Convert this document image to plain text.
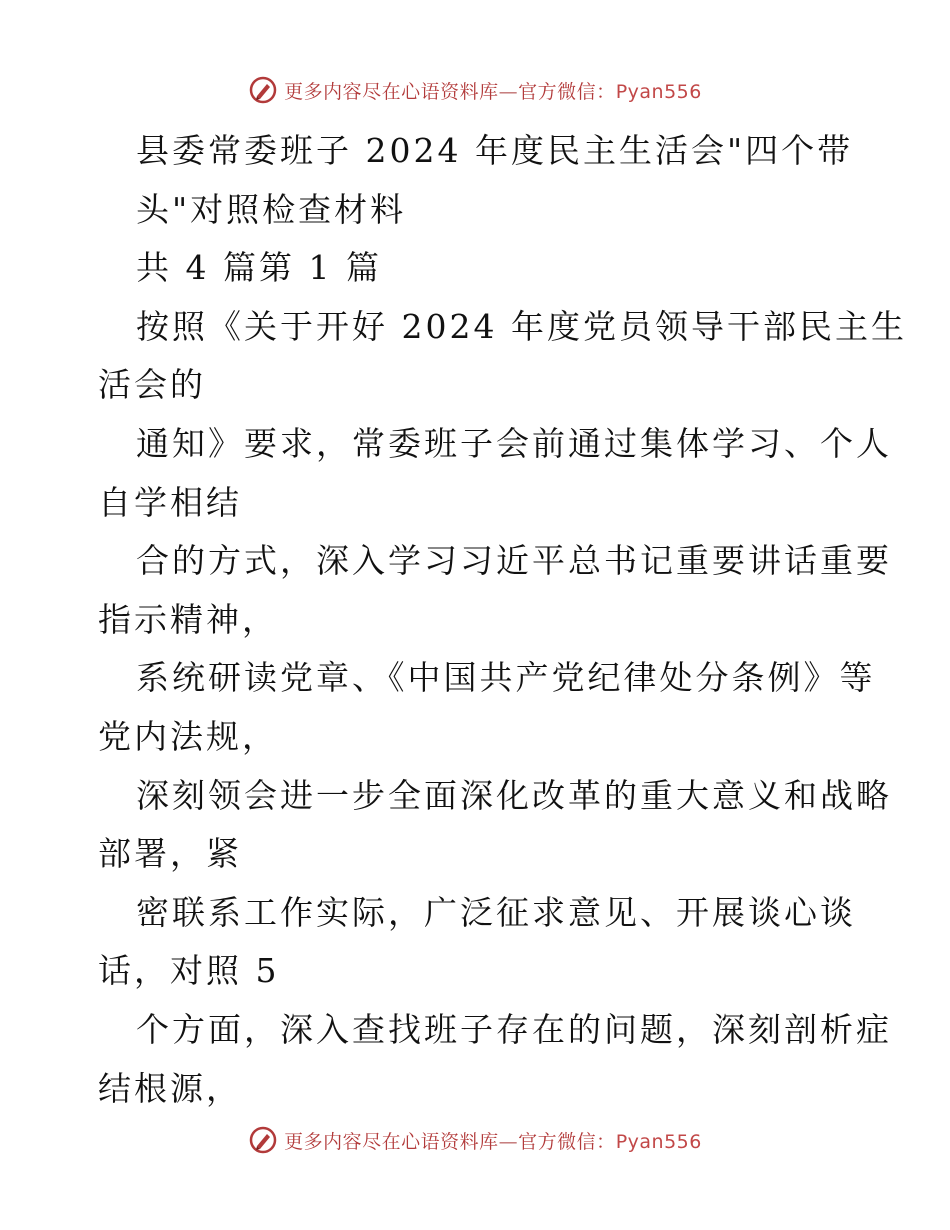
更多内容尽在心语资料库—官方微信：Pyan556
县委常委班子 2024 年度民主生活会"四个带
头"对照检查材料
共 4 篇第 1 篇
按照《关于开好 2024 年度党员领导干部民主生
活会的
通知》要求，常委班子会前通过集体学习、个人
自学相结
合的方式，深入学习习近平总书记重要讲话重要
指示精神，
系统研读党章、《中国共产党纪律处分条例》等
党内法规，
深刻领会进一步全面深化改革的重大意义和战略
部署，紧
密联系工作实际，广泛征求意见、开展谈心谈
话，对照 5
个方面，深入查找班子存在的问题，深刻剖析症
结根源，
更多内容尽在心语资料库—官方微信：Pyan556
